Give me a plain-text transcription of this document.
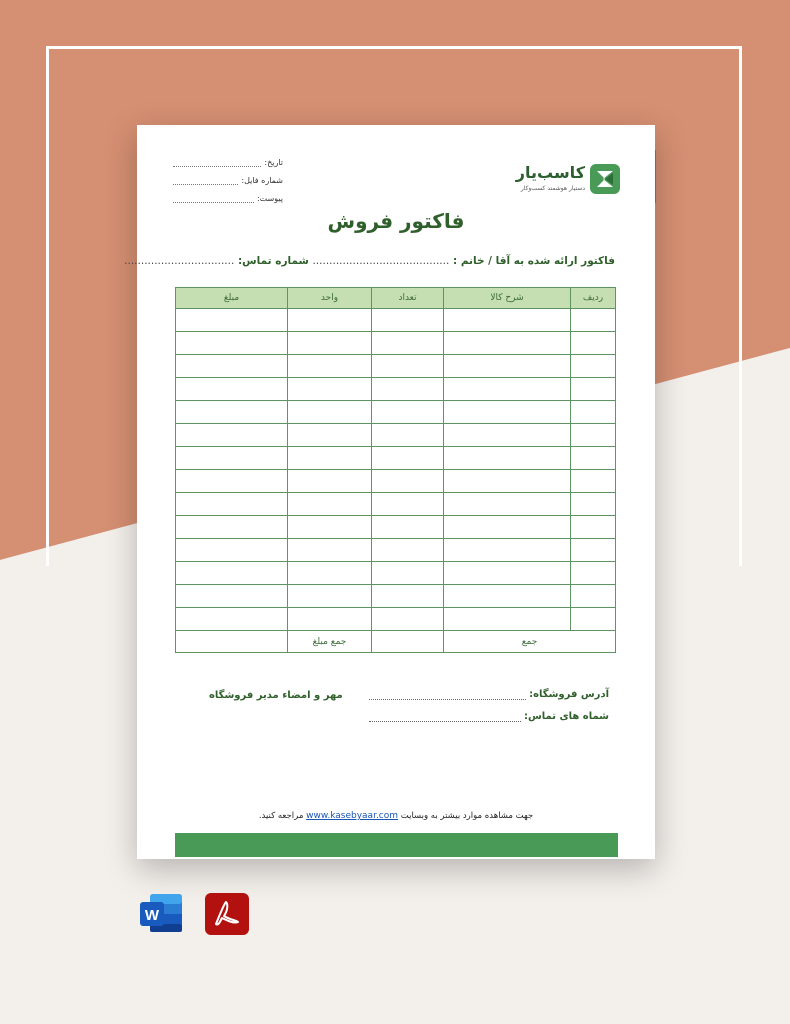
کاسب‌یار
دستیار هوشمند کسب‌وکار
تاریخ:
شماره فایل:
پیوست:
فاکتور فروش
فاکتور ارائه شده به آقا / خانم : ......................................... شماره تماس: .................................
ردیف	شرح کالا	تعداد	واحد	مبلغ

جمع			جمع مبلغ	
آدرس فروشگاه:
شماه های تماس:
مهر و امضاء مدیر فروشگاه
جهت مشاهده موارد بیشتر به وبسایت www.kasebyaar.com مراجعه کنید.
W
